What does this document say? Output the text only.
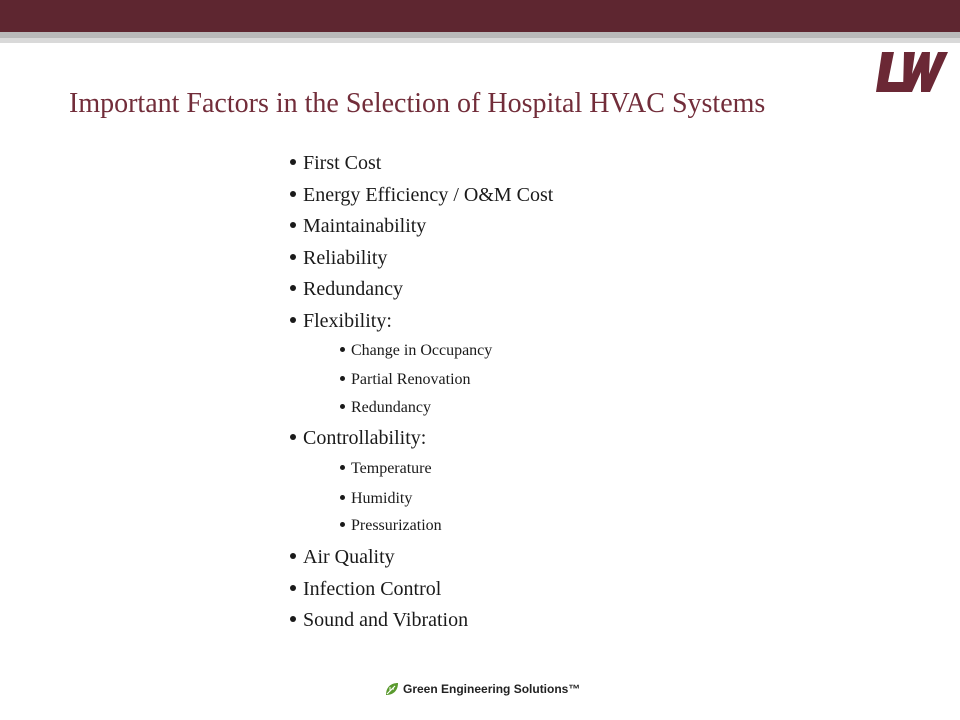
Important Factors in the Selection of Hospital HVAC Systems
First Cost
Energy Efficiency / O&M Cost
Maintainability
Reliability
Redundancy
Flexibility:
Change in Occupancy
Partial Renovation
Redundancy
Controllability:
Temperature
Humidity
Pressurization
Air Quality
Infection Control
Sound and Vibration
Green Engineering Solutions™
